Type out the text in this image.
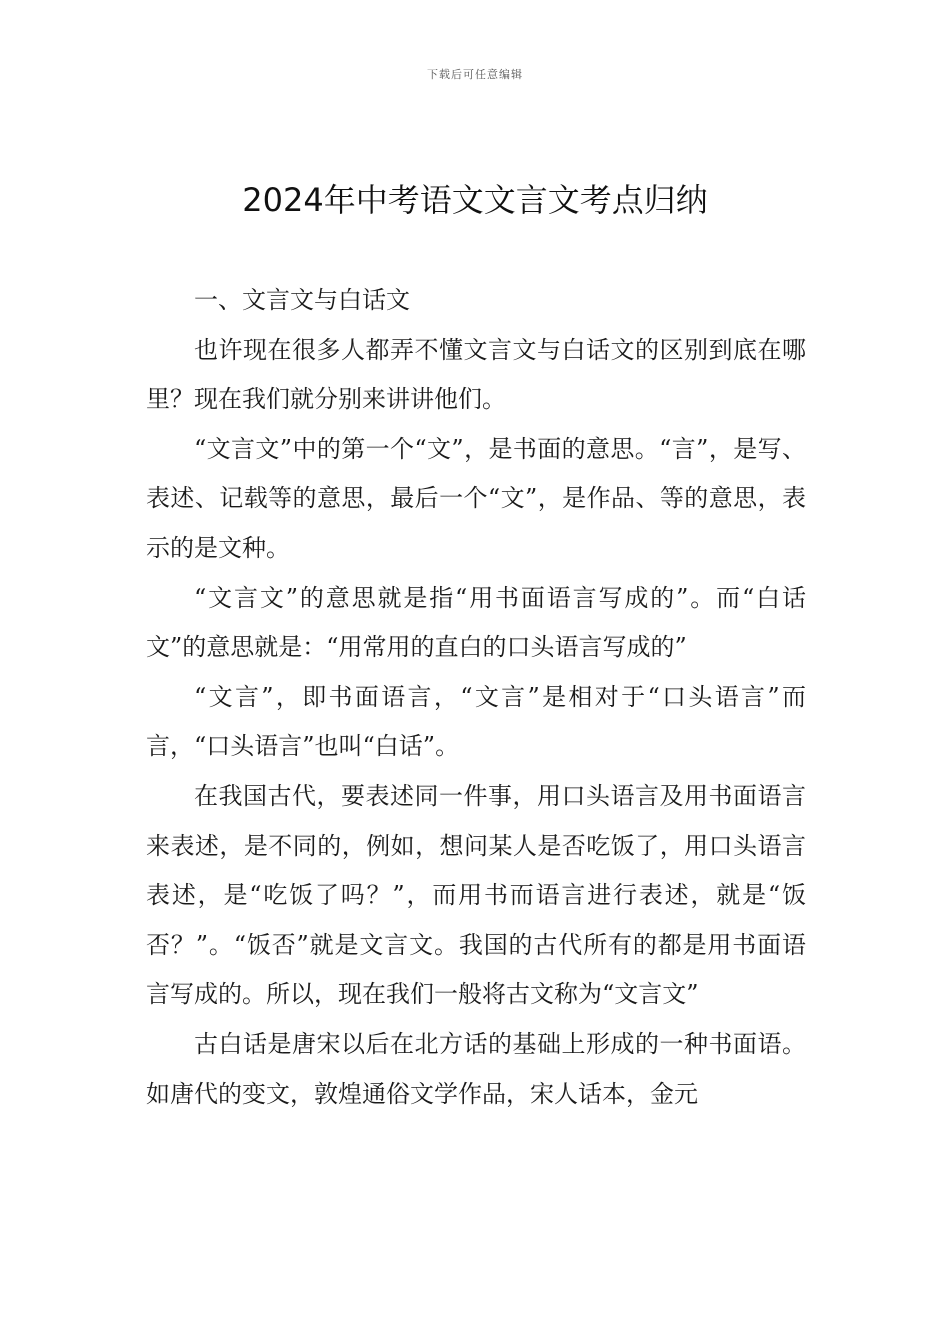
下载后可任意编辑
2024年中考语文文言文考点归纳

一、文言文与白话文

也许现在很多人都弄不懂文言文与白话文的区别到底在哪里？现在我们就分别来讲讲他们。

“文言文”中的第一个“文”，是书面的意思。“言”，是写、表述、记载等的意思，最后一个“文”，是作品、等的意思，表示的是文种。

“文言文”的意思就是指“用书面语言写成的”。而“白话文”的意思就是：“用常用的直白的口头语言写成的”

“文言”，即书面语言，“文言”是相对于“口头语言”而言，“口头语言”也叫“白话”。

在我国古代，要表述同一件事，用口头语言及用书面语言来表述，是不同的，例如，想问某人是否吃饭了，用口头语言表述，是“吃饭了吗？”，而用书而语言进行表述，就是“饭否？”。“饭否”就是文言文。我国的古代所有的都是用书面语言写成的。所以，现在我们一般将古文称为“文言文”

古白话是唐宋以后在北方话的基础上形成的一种书面语。如唐代的变文，敦煌通俗文学作品，宋人话本，金元
